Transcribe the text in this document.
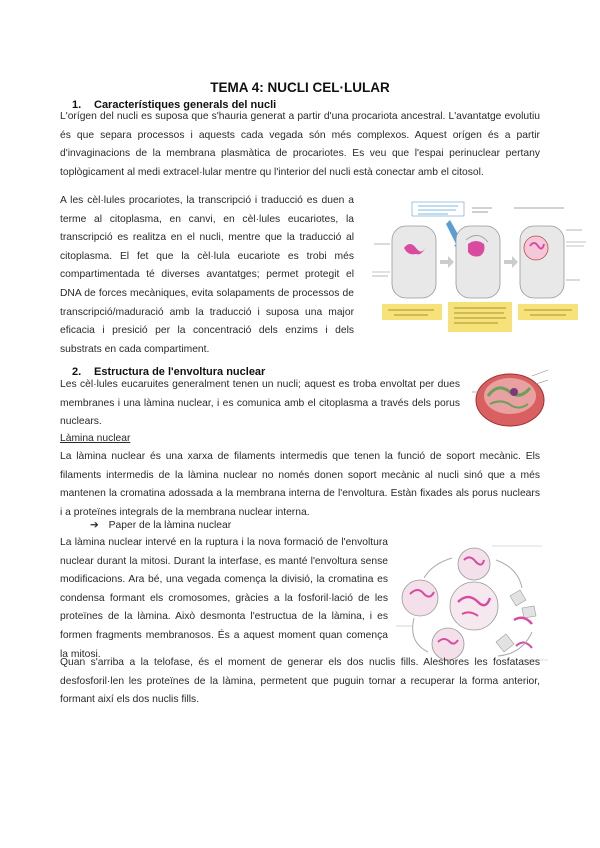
TEMA 4: NUCLI CEL·LULAR
1. Característiques generals del nucli

L'orígen del nucli es suposa que s'hauria generat a partir d'una procariota ancestral. L'avantatge evolutiu és que separa processos i aquests cada vegada són més complexos. Aquest orígen és a partir d'invaginacions de la membrana plasmàtica de procariotes. Es veu que l'espai perinuclear pertany toplògicament al medi extracel·lular mentre qu l'interior del nucli està conectar amb el citosol.

A les cèl·lules procariotes, la transcripció i traducció es duen a terme al citoplasma, en canvi, en cèl·lules eucariotes, la transcripció es realitza en el nucli, mentre que la traducció al citoplasma. El fet que la cèl·lula eucariote es trobi més compartimentada té diverses avantatges; permet protegit el DNA de forces mecàniques, evita solapaments de processos de transcripció/maduració amb la traducció i suposa una major eficacia i presició per la concentració dels enzims i dels substrats en cada compartiment.

2. Estructura de l'envoltura nuclear

Les cèl·lules eucaruites generalment tenen un nucli; aquest es troba envoltat per dues membranes i una làmina nuclear, i es comunica amb el citoplasma a través dels porus nuclears.

Làmina nuclear

La làmina nuclear és una xarxa de filaments intermedis que tenen la funció de soport mecànic. Els filaments intermedis de la làmina nuclear no només donen soport mecànic al nucli sinó que a més mantenen la cromatina adossada a la membrana interna de l'envoltura. Estàn fixades als porus nuclears i a proteïnes integrals de la membrana nuclear interna.

➔ Paper de la làmina nuclear

La làmina nuclear intervé en la ruptura i la nova formació de l'envoltura nuclear durant la mitosi. Durant la interfase, es manté l'envoltura sense modificacions. Ara bé, una vegada comença la divisió, la cromatina es condensa formant els cromosomes, gràcies a la fosforil·lació de les proteïnes de la làmina. Això desmonta l'estructua de la làmina, i es formen fragments membranosos. És a aquest moment quan comença la mitosi.

Quan s'arriba a la telofase, és el moment de generar els dos nuclis fills. Aleshores les fosfatases desfosforil·len les proteïnes de la làmina, permetent que puguin tornar a recuperar la forma anterior, formant així els dos nuclis fills.
